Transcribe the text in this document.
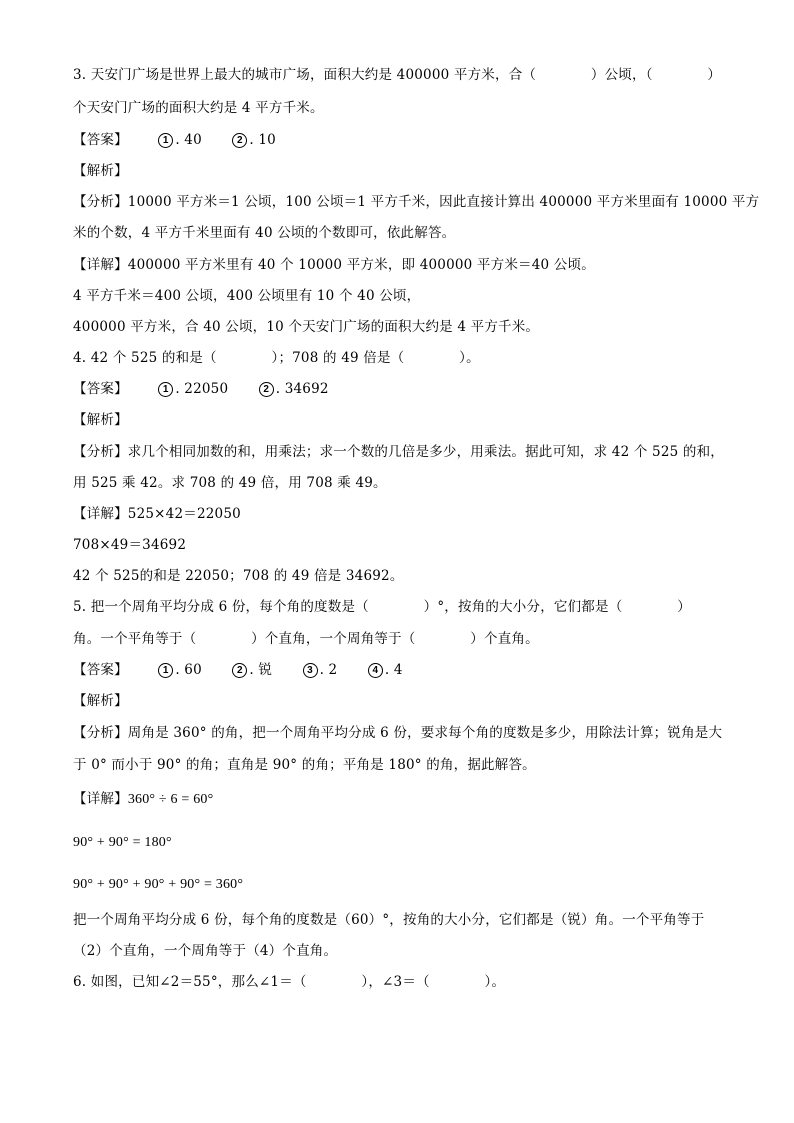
3. 天安门广场是世界上最大的城市广场，面积大约是 400000 平方米，合（　　　　）公顷，（　　　　）
个天安门广场的面积大约是 4 平方千米。
【答案】	1 . 40	2 . 10
【解析】
【分析】10000 平方米＝1 公顷，100 公顷＝1 平方千米，因此直接计算出 400000 平方米里面有 10000 平方
米的个数，4 平方千米里面有 40 公顷的个数即可，依此解答。
【详解】400000 平方米里有 40 个 10000 平方米，即 400000 平方米＝40 公顷。
4 平方千米＝400 公顷，400 公顷里有 10 个 40 公顷，
400000 平方米，合 40 公顷，10 个天安门广场的面积大约是 4 平方千米。
4. 42 个 525 的和是（　　　　）；708 的 49 倍是（　　　　）。
【答案】	1 . 22050	2 . 34692
【解析】
【分析】求几个相同加数的和，用乘法；求一个数的几倍是多少，用乘法。据此可知，求 42 个 525 的和，
用 525 乘 42。求 708 的 49 倍，用 708 乘 49。
【详解】525×42＝22050
708×49＝34692
42 个 525的和是 22050；708 的 49 倍是 34692。
5. 把一个周角平均分成 6 份，每个角的度数是（　　　　）°，按角的大小分，它们都是（　　　　）
角。一个平角等于（　　　　）个直角，一个周角等于（　　　　）个直角。
【答案】	1 . 60	2 . 锐	3 . 2	4 . 4
【解析】
【分析】周角是 360° 的角，把一个周角平均分成 6 份，要求每个角的度数是多少，用除法计算；锐角是大
于 0° 而小于 90° 的角；直角是 90° 的角；平角是 180° 的角，据此解答。
【详解】360° ÷ 6 = 60°
90° + 90° = 180°
90° + 90° + 90° + 90° = 360°
把一个周角平均分成 6 份，每个角的度数是（60）°，按角的大小分，它们都是（锐）角。一个平角等于
（2）个直角，一个周角等于（4）个直角。
6. 如图，已知∠2＝55°，那么∠1＝（　　　　），∠3＝（　　　　）。
